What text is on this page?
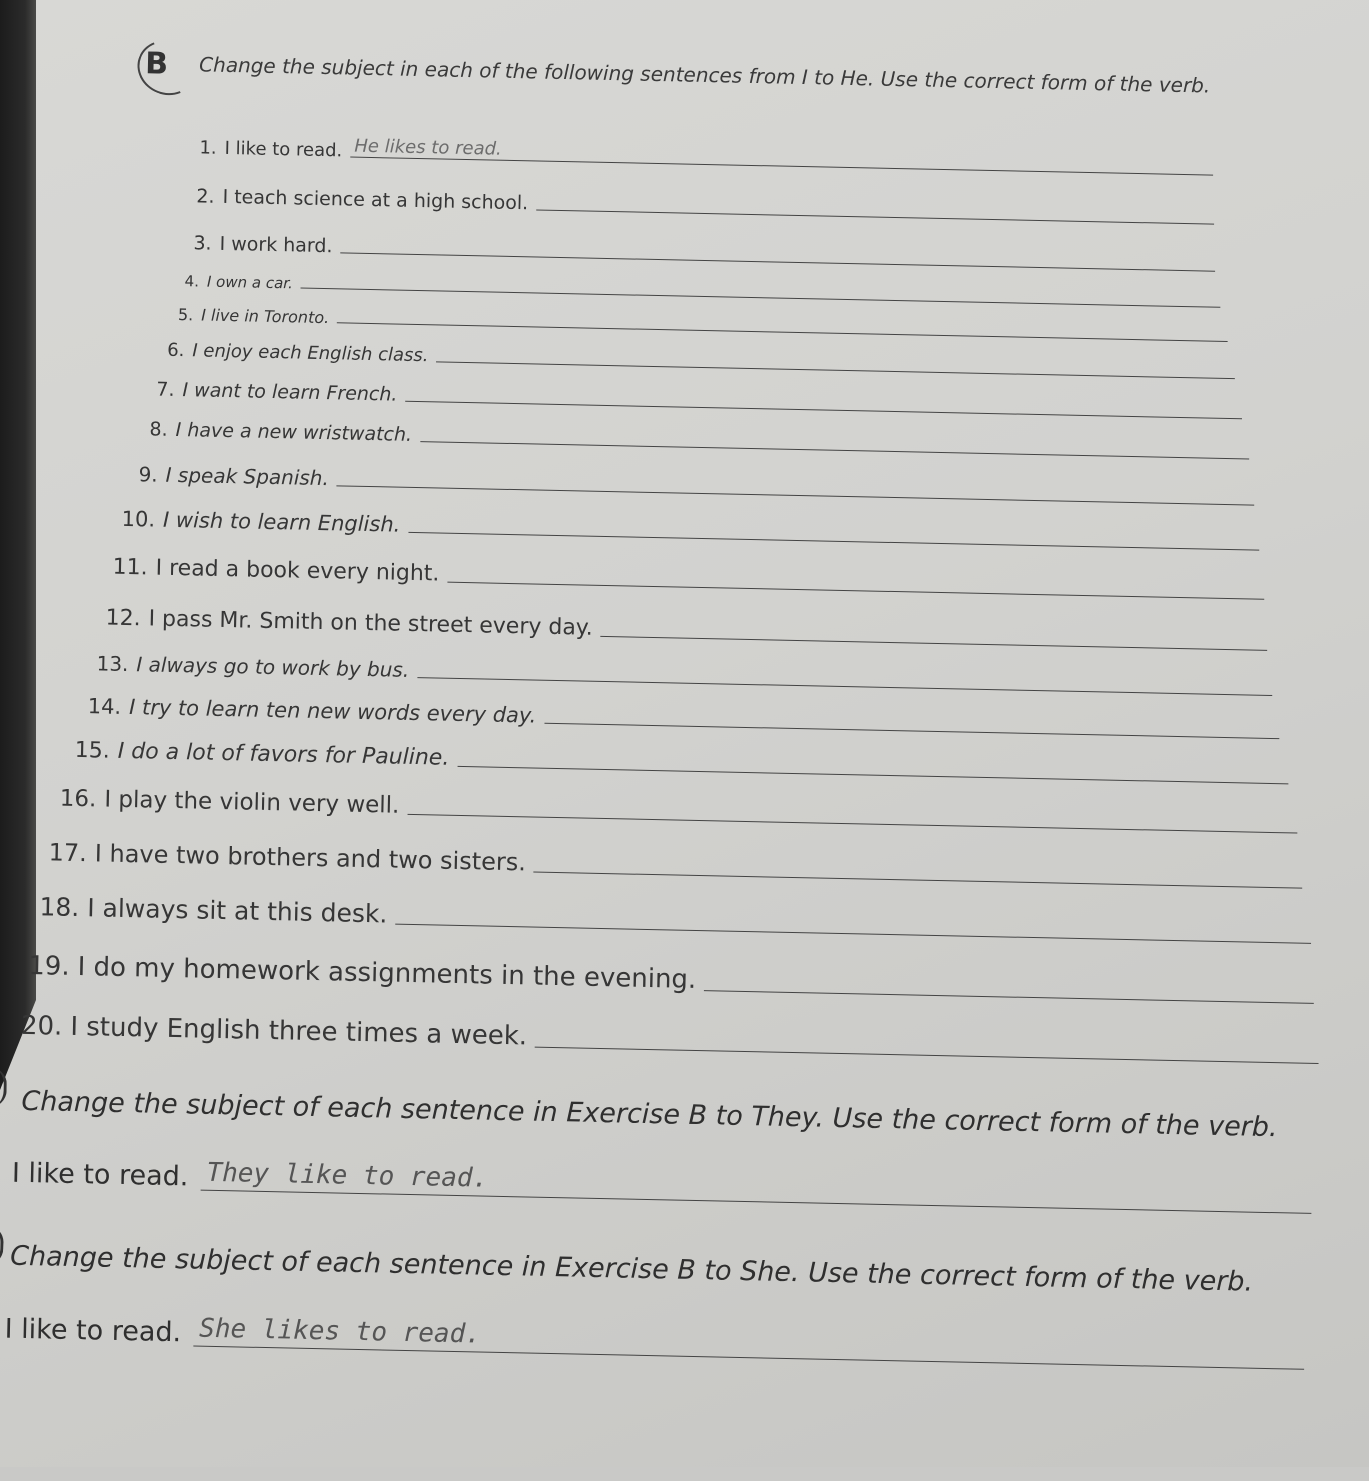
B Change the subject in each of the following sentences from I to He. Use the correct form of the verb.
1. I like to read. He likes to read.
2. I teach science at a high school.
3. I work hard.
4. I own a car.
5. I live in Toronto.
6. I enjoy each English class.
7. I want to learn French.
8. I have a new wristwatch.
9. I speak Spanish.
10. I wish to learn English.
11. I read a book every night.
12. I pass Mr. Smith on the street every day.
13. I always go to work by bus.
14. I try to learn ten new words every day.
15. I do a lot of favors for Pauline.
16. I play the violin very well.
17. I have two brothers and two sisters.
18. I always sit at this desk.
19. I do my homework assignments in the evening.
20. I study English three times a week.
Change the subject of each sentence in Exercise B to They. Use the correct form of the verb.
I like to read. They like to read.
Change the subject of each sentence in Exercise B to She. Use the correct form of the verb.
I like to read. She likes to read.
